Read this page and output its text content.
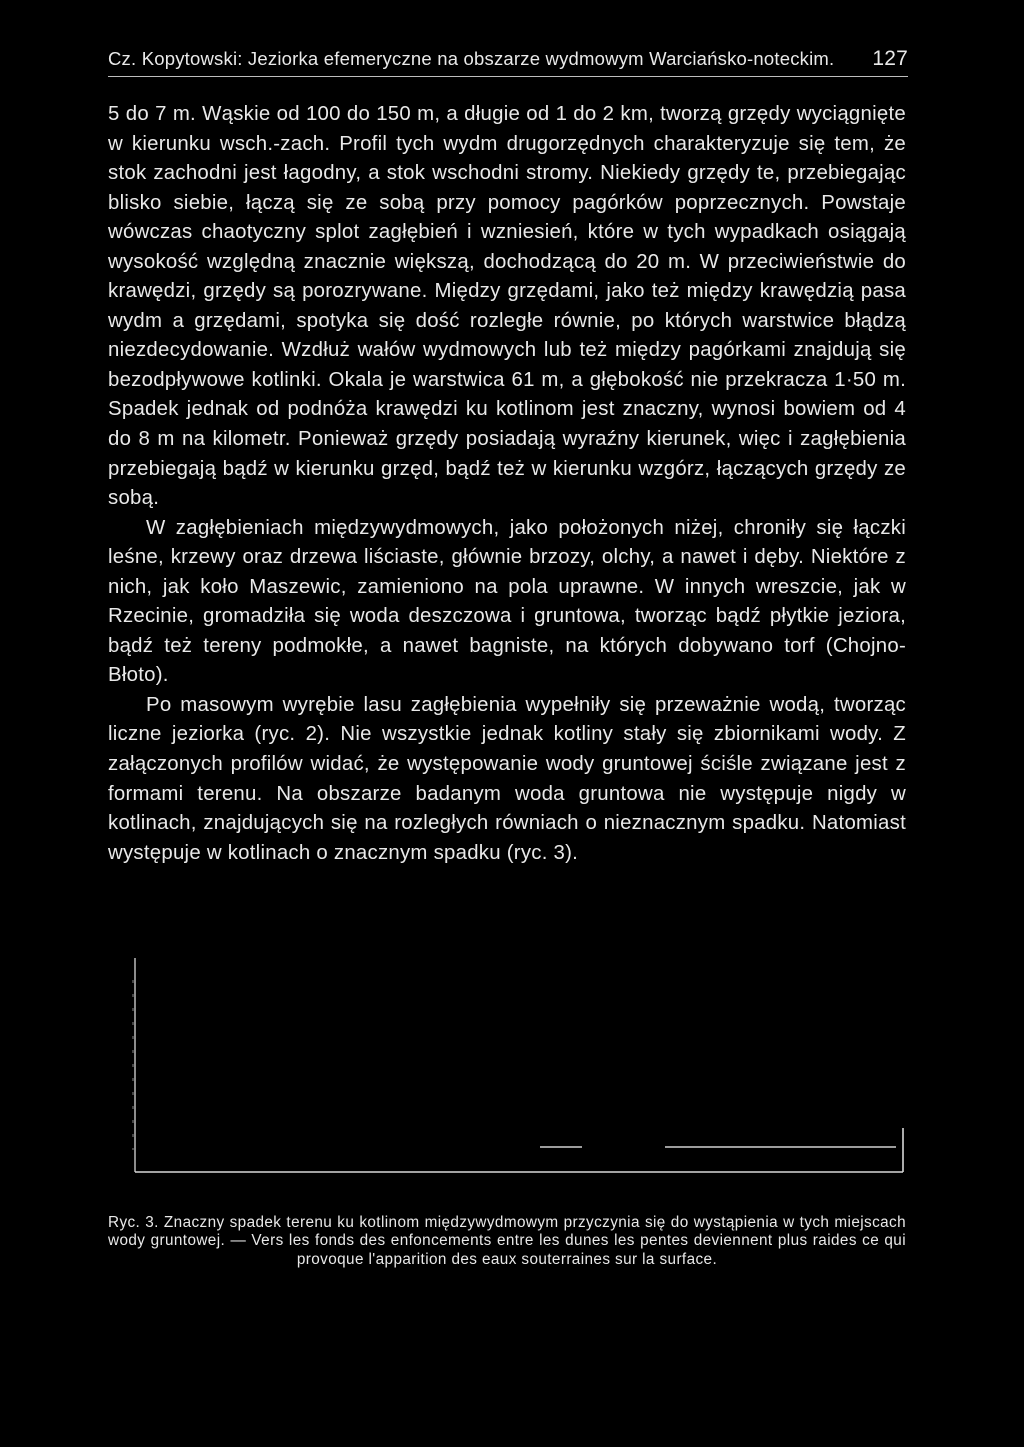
Cz. Kopytowski: Jeziorka efemeryczne na obszarze wydmowym Warciańsko-noteckim. 127

5 do 7 m. Wąskie od 100 do 150 m, a długie od 1 do 2 km, tworzą grzędy wyciągnięte w kierunku wsch.-zach. Profil tych wydm drugorzędnych charakteryzuje się tem, że stok zachodni jest łagodny, a stok wschodni stromy. Niekiedy grzędy te, przebiegając blisko siebie, łączą się ze sobą przy pomocy pagórków poprzecznych. Powstaje wówczas chaotyczny splot zagłębień i wzniesień, które w tych wypadkach osiągają wysokość względną znacznie większą, dochodzącą do 20 m. W przeciwieństwie do krawędzi, grzędy są porozrywane. Między grzędami, jako też między krawędzią pasa wydm a grzędami, spotyka się dość rozległe równie, po których warstwice błądzą niezdecydowanie. Wzdłuż wałów wydmowych lub też między pagórkami znajdują się bezodpływowe kotlinki. Okala je warstwica 61 m, a głębokość nie przekracza 1·50 m. Spadek jednak od podnóża krawędzi ku kotlinom jest znaczny, wynosi bowiem od 4 do 8 m na kilometr. Ponieważ grzędy posiadają wyraźny kierunek, więc i zagłębienia przebiegają bądź w kierunku grzęd, bądź też w kierunku wzgórz, łączących grzędy ze sobą.

W zagłębieniach międzywydmowych, jako położonych niżej, chroniły się łączki leśne, krzewy oraz drzewa liściaste, głównie brzozy, olchy, a nawet i dęby. Niektóre z nich, jak koło Maszewic, zamieniono na pola uprawne. W innych wreszcie, jak w Rzecinie, gromadziła się woda deszczowa i gruntowa, tworząc bądź płytkie jeziora, bądź też tereny podmokłe, a nawet bagniste, na których dobywano torf (Chojno-Błoto).

Po masowym wyrębie lasu zagłębienia wypełniły się przeważnie wodą, tworząc liczne jeziorka (ryc. 2). Nie wszystkie jednak kotliny stały się zbiornikami wody. Z załączonych profilów widać, że występowanie wody gruntowej ściśle związane jest z formami terenu. Na obszarze badanym woda gruntowa nie występuje nigdy w kotlinach, znajdujących się na rozległych równiach o nieznacznym spadku. Natomiast występuje w kotlinach o znacznym spadku (ryc. 3).

Ryc. 3. Znaczny spadek terenu ku kotlinom międzywydmowym przyczynia się do wystąpienia w tych miejscach wody gruntowej. — Vers les fonds des enfoncements entre les dunes les pentes deviennent plus raides ce qui provoque l'apparition des eaux souterraines sur la surface.
